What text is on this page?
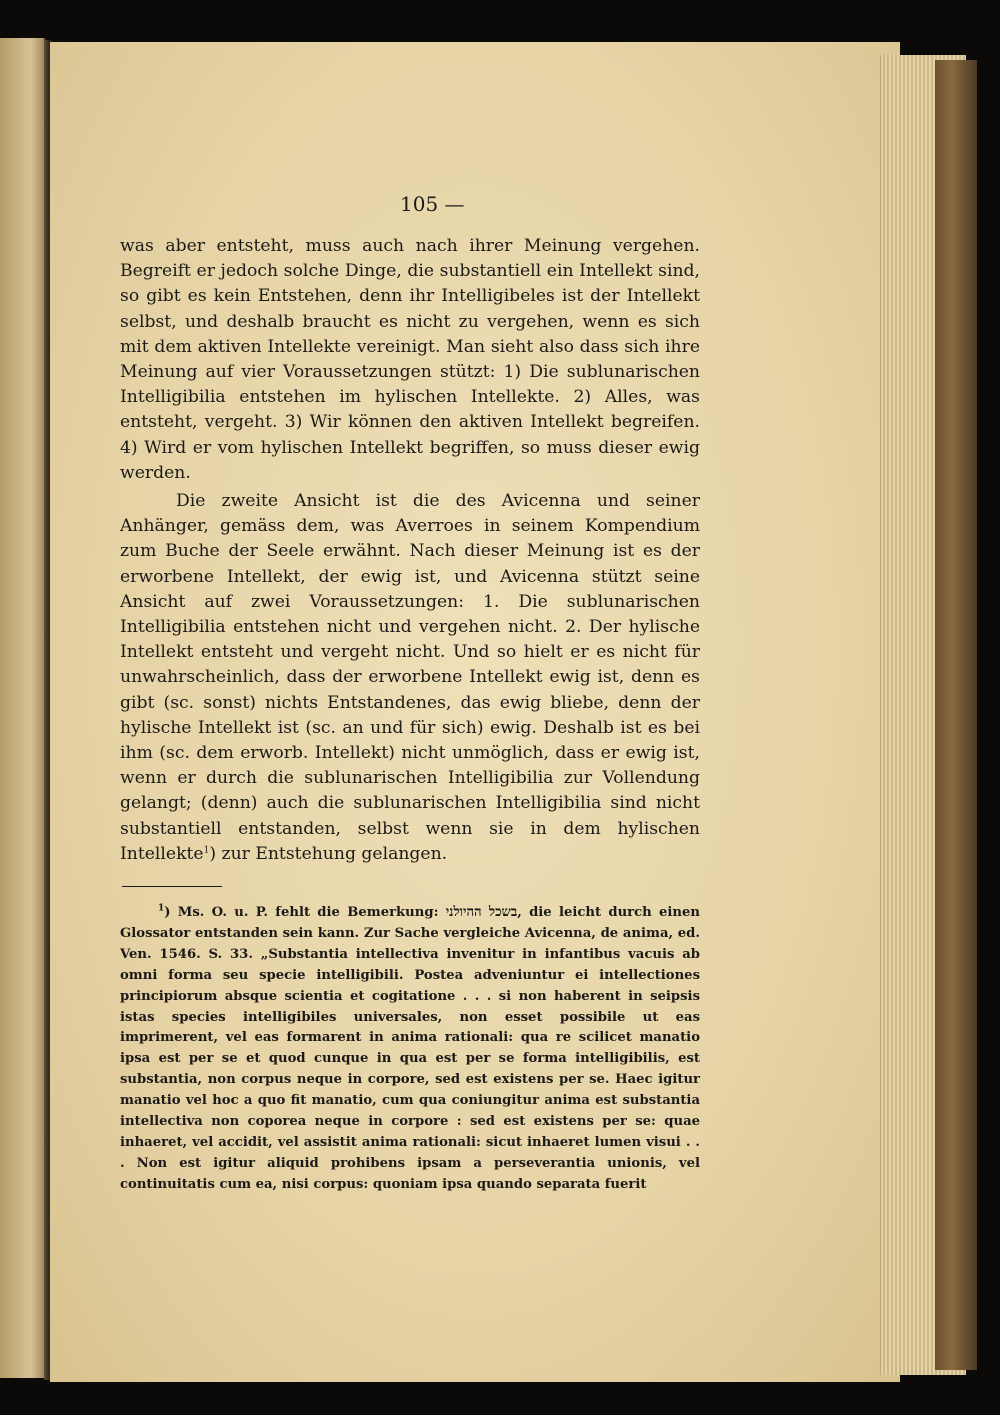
105 —

was aber entsteht, muss auch nach ihrer Meinung vergehen. Begreift er jedoch solche Dinge, die substantiell ein Intellekt sind, so gibt es kein Entstehen, denn ihr Intelligibeles ist der Intellekt selbst, und deshalb braucht es nicht zu vergehen, wenn es sich mit dem aktiven Intellekte vereinigt. Man sieht also dass sich ihre Meinung auf vier Voraussetzungen stützt: 1) Die sublunarischen Intelligibilia entstehen im hylischen Intellekte. 2) Alles, was entsteht, vergeht. 3) Wir können den aktiven Intellekt begreifen. 4) Wird er vom hylischen Intellekt begriffen, so muss dieser ewig werden.

Die zweite Ansicht ist die des Avicenna und seiner Anhänger, gemäss dem, was Averroes in seinem Kompendium zum Buche der Seele erwähnt. Nach dieser Meinung ist es der erworbene Intellekt, der ewig ist, und Avicenna stützt seine Ansicht auf zwei Voraussetzungen: 1. Die sublunarischen Intelligibilia entstehen nicht und vergehen nicht. 2. Der hylische Intellekt entsteht und vergeht nicht. Und so hielt er es nicht für unwahrscheinlich, dass der erworbene Intellekt ewig ist, denn es gibt (sc. sonst) nichts Entstandenes, das ewig bliebe, denn der hylische Intellekt ist (sc. an und für sich) ewig. Deshalb ist es bei ihm (sc. dem erworb. Intellekt) nicht unmöglich, dass er ewig ist, wenn er durch die sublunarischen Intelligibilia zur Vollendung gelangt; (denn) auch die sublunarischen Intelligibilia sind nicht substantiell entstanden, selbst wenn sie in dem hylischen Intellekte$^1$) zur Entstehung gelangen.

$^1$) Ms. O. u. P. fehlt die Bemerkung: בשכל ההיולני, die leicht durch einen Glossator entstanden sein kann. Zur Sache vergleiche Avicenna, de anima, ed. Ven. 1546. S. 33. „Substantia intellectiva invenitur in infantibus vacuis ab omni forma seu specie intelligibili. Postea adveniuntur ei intellectiones principiorum absque scientia et cogitatione . . . si non haberent in seipsis istas species intelligibiles universales, non esset possibile ut eas imprimerent, vel eas formarent in anima rationali: qua re scilicet manatio ipsa est per se et quod cunque in qua est per se forma intelligibilis, est substantia, non corpus neque in corpore, sed est existens per se. Haec igitur manatio vel hoc a quo fit manatio, cum qua coniungitur anima est substantia intellectiva non coporea neque in corpore : sed est existens per se: quae inhaeret, vel accidit, vel assistit anima rationali: sicut inhaeret lumen visui . . . Non est igitur aliquid prohibens ipsam a perseverantia unionis, vel continuitatis cum ea, nisi corpus: quoniam ipsa quando separata fuerit
